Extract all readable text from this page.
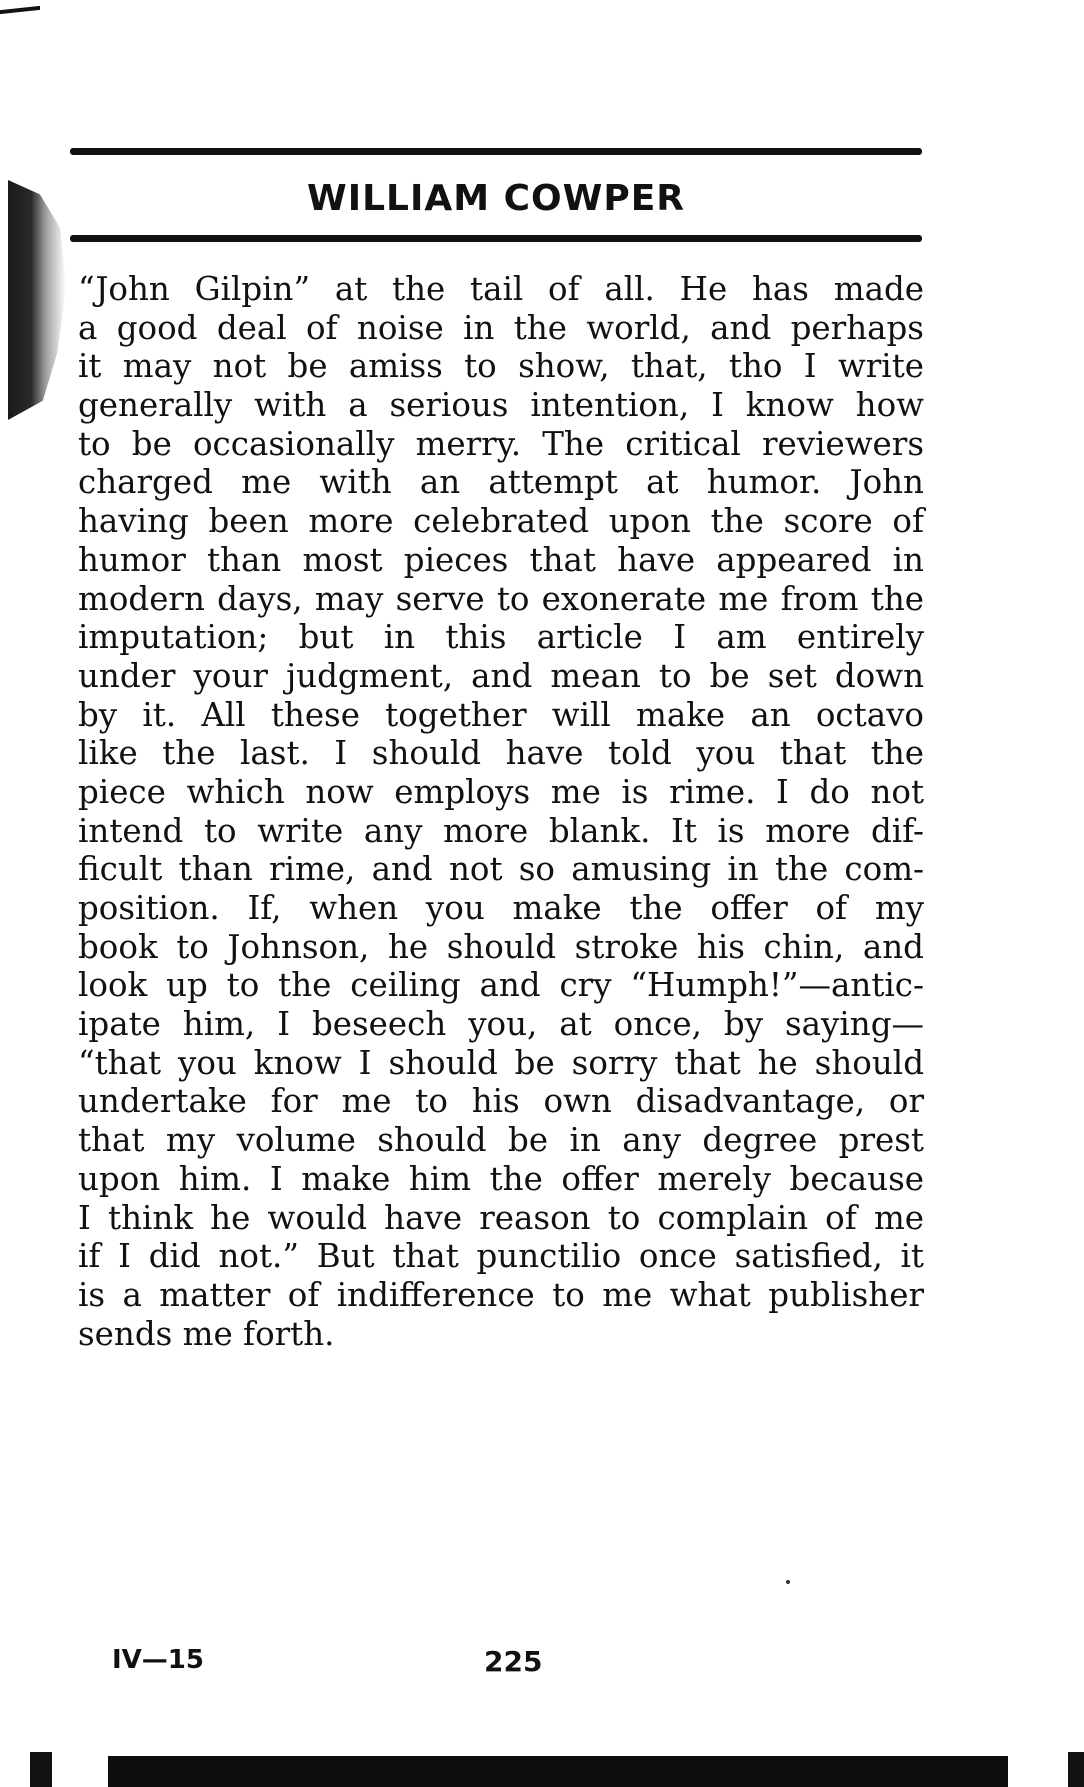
WILLIAM COWPER
“John Gilpin” at the tail of all. He has made
a good deal of noise in the world, and perhaps
it may not be amiss to show, that, tho I write
generally with a serious intention, I know how
to be occasionally merry. The critical reviewers
charged me with an attempt at humor. John
having been more celebrated upon the score of
humor than most pieces that have appeared in
modern days, may serve to exonerate me from the
imputation; but in this article I am entirely
under your judgment, and mean to be set down
by it. All these together will make an octavo
like the last. I should have told you that the
piece which now employs me is rime. I do not
intend to write any more blank. It is more dif-
ficult than rime, and not so amusing in the com-
position. If, when you make the offer of my
book to Johnson, he should stroke his chin, and
look up to the ceiling and cry “Humph!”—antic-
ipate him, I beseech you, at once, by saying—
“that you know I should be sorry that he should
undertake for me to his own disadvantage, or
that my volume should be in any degree prest
upon him. I make him the offer merely because
I think he would have reason to complain of me
if I did not.” But that punctilio once satisfied, it
is a matter of indifference to me what publisher
sends me forth.
IV—15	225
